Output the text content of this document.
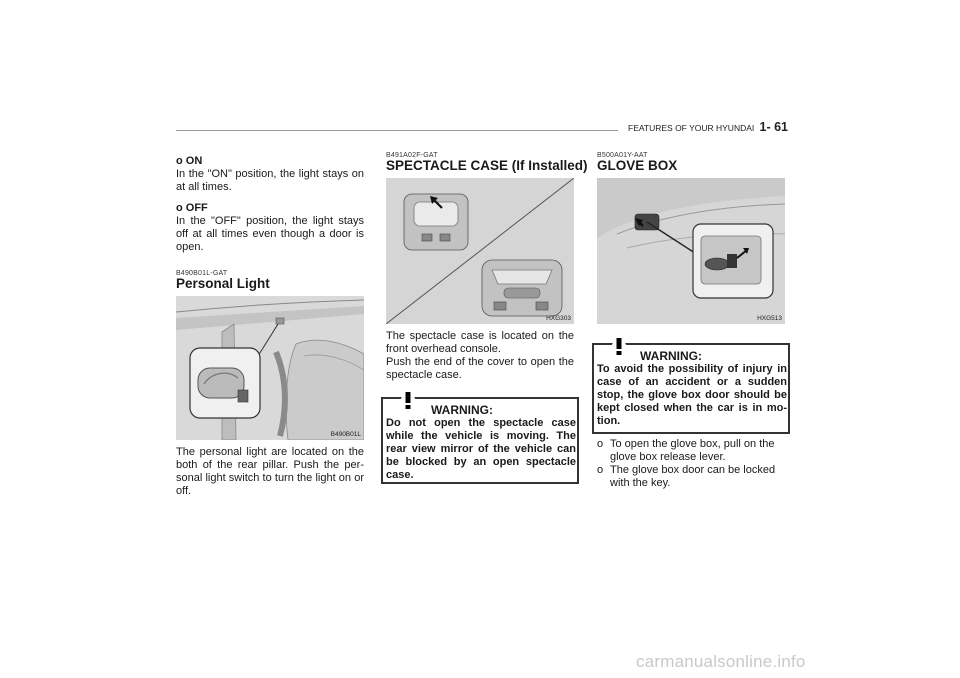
FEATURES OF YOUR HYUNDAI 1- 61
o ON
In the "ON" position, the light stays on at all times.
o OFF
In the "OFF" position, the light stays off at all times even though a door is open.
B490B01L-GAT
Personal Light
B490B01L
The personal light are located on the both of the rear pillar. Push the per-sonal light switch to turn the light on or off.
B491A02F-GAT
SPECTACLE CASE (If Installed)
HXG303
The spectacle case is located on the front overhead console.
Push the end of the cover to open the spectacle case.
WARNING:
Do not open the spectacle case while the vehicle is moving. The rear view mirror of the vehicle can be blocked by an open spectacle case.
B500A01Y-AAT
GLOVE BOX
HXG513
WARNING:
To avoid the possibility of injury in case of an accident or a sudden stop, the glove box door should be kept closed when the car is in mo-tion.
o To open the glove box, pull on the glove box release lever.
o The glove box door can be locked with the key.
carmanualsonline.info
